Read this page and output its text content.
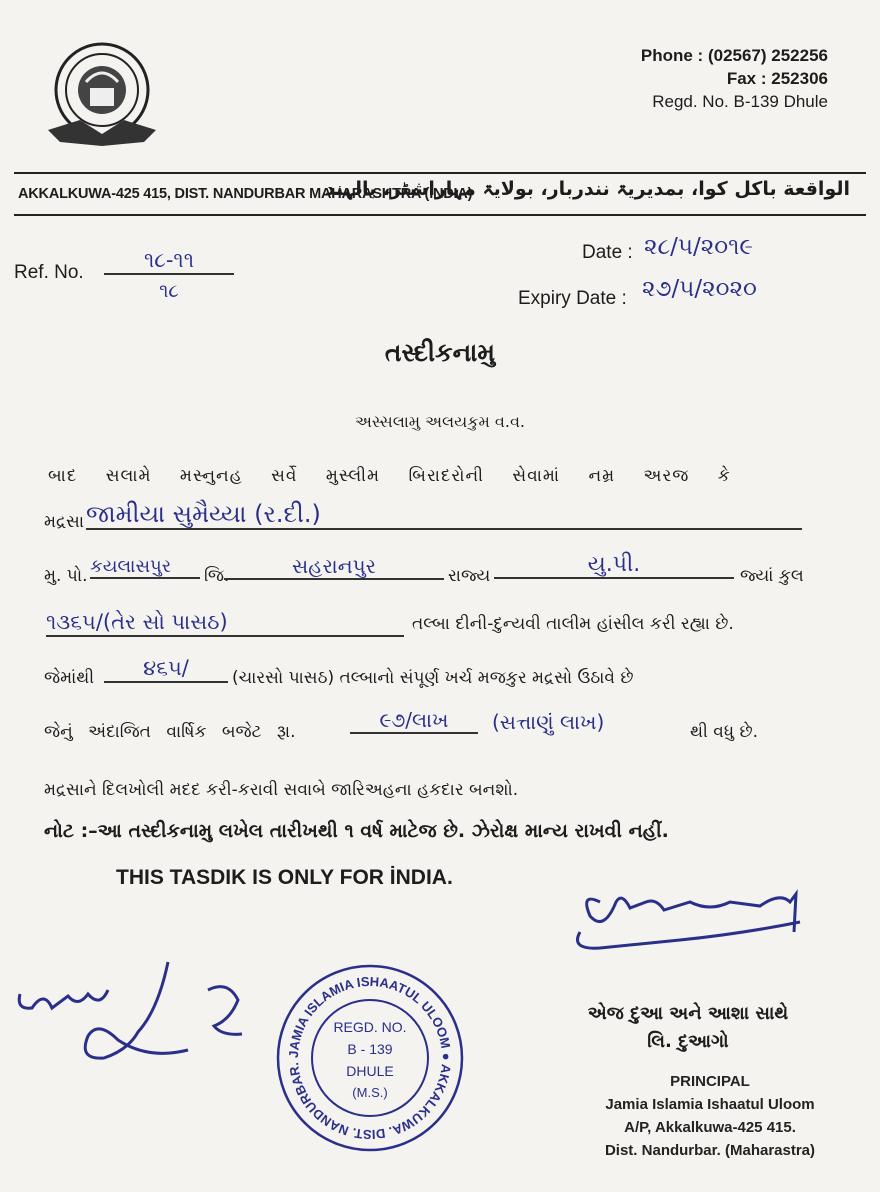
Phone : (02567) 252256
Fax : 252306
Regd. No. B-139 Dhule
AKKALKUWA-425 415, DIST. NANDURBAR MAHARASHTRA (INDIA)
الواقعة باکل کوا، بمدیریۃ نندربار، بولایۃ مہاراشٹر، بالہند
Ref. No.
૧૮-૧૧
૧૮
Date : ૨૮/૫/૨૦૧૯
Expiry Date : ૨૭/૫/૨૦૨૦
તસ્દીકનામુ
અસ્સલામુ અલયકુમ વ.વ.
બાદ સલામે મસ્નુનહ સર્વે મુસ્લીમ બિરાદરોની સેવામાં નમ્ર અરજ કે
મદ્રસા જામીયા સુમૈય્યા (ર.દી.)
મુ. પો. કયલાસપુર	જિ.	સહરાનપુર	રાજ્ય	યુ.પી.	જ્યાં કુલ
૧૩૬૫/(તેર સો પાસઠ)	તલ્બા દીની-દુન્યવી તાલીમ હાંસીલ કરી રહ્યા છે.
જેમાંથી	૪૬૫/	(ચારસો પાસઠ) તલ્બાનો સંપૂર્ણ ખર્ચ મજકુર મદ્રસો ઉઠાવે છે
જેનું અંદાજિત વાર્ષિક બજેટ રૂા.	૯૭/લાખ	(સત્તાણું લાખ)	થી વધુ છે.
મદ્રસાને દિલખોલી મદદ કરી-કરાવી સવાબે જારિઅહના હકદાર બનશો.
નોટ :–આ તસ્દીકનામુ લખેલ તારીખથી ૧ વર્ષ માટેજ છે. ઝેરોક્ષ માન્ય રાખવી નહીં.
THIS TASDIK IS ONLY FOR İNDIA.
JAMIA ISLAMIA ISHAATUL ULOOM ● AKKALKUWA. DIST. NANDURBAR.
REGD. NO.
B - 139
DHULE
(M.S.)
એજ દુઆ અને આશા સાથે
લિ. દુઆગો
PRINCIPAL
Jamia Islamia Ishaatul Uloom
A/P, Akkalkuwa-425 415.
Dist. Nandurbar. (Maharastra)
